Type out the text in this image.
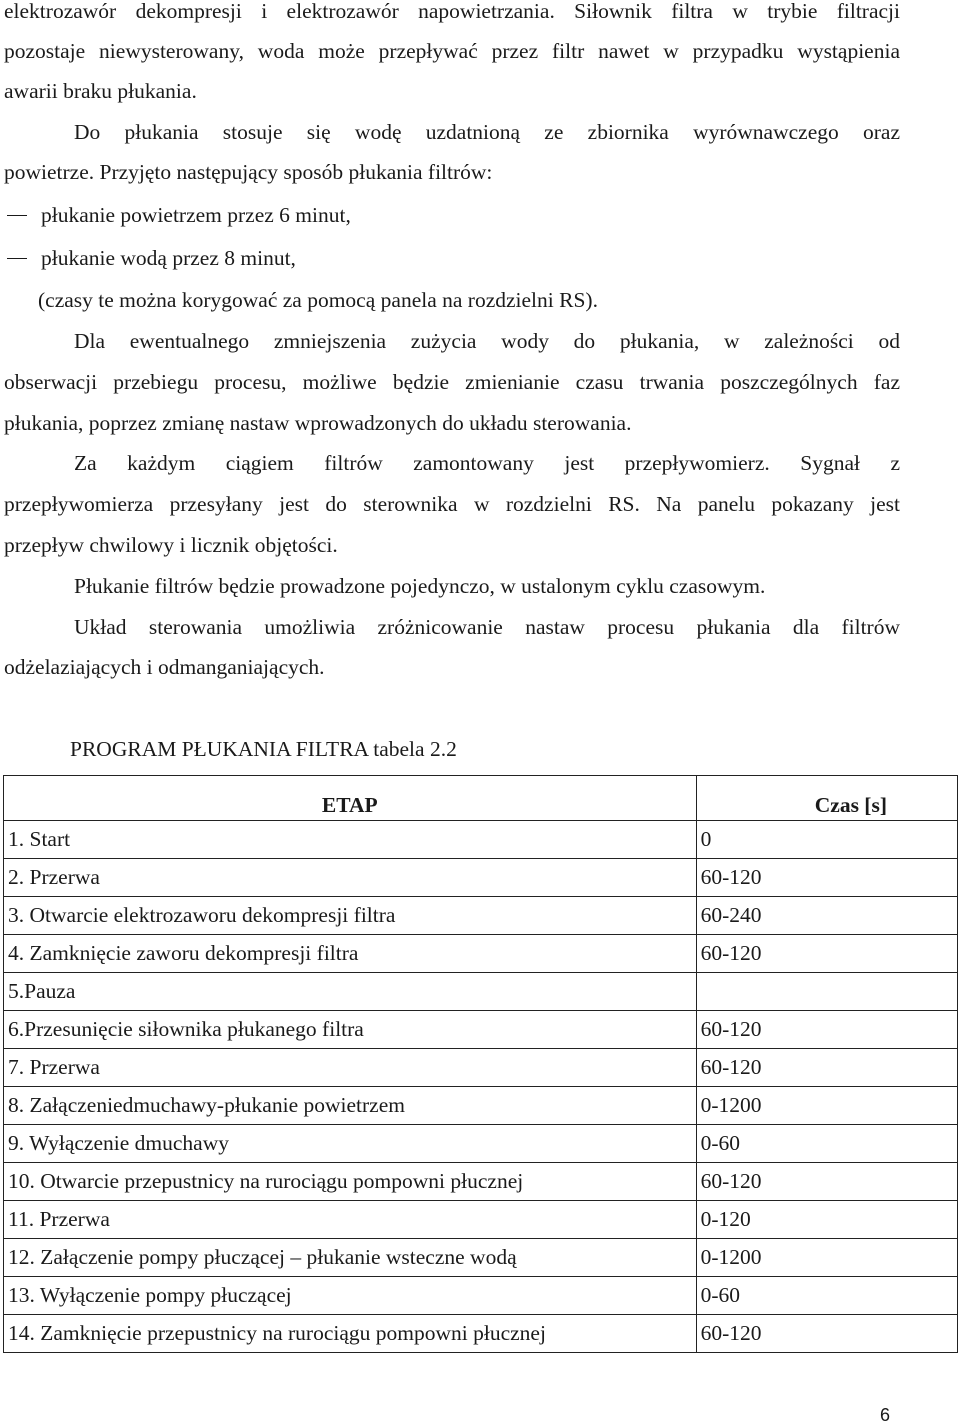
elektrozawór dekompresji i elektrozawór napowietrzania. Siłownik filtra w trybie filtracji
pozostaje niewysterowany, woda może przepływać przez filtr nawet w przypadku wystąpienia
awarii braku płukania.
Do płukania stosuje się wodę uzdatnioną ze zbiornika wyrównawczego oraz
powietrze. Przyjęto następujący sposób płukania filtrów:
płukanie powietrzem przez 6 minut,
płukanie wodą przez 8 minut,
(czasy te można korygować za pomocą panela na rozdzielni RS).
Dla ewentualnego zmniejszenia zużycia wody do płukania, w zależności od
obserwacji przebiegu procesu, możliwe będzie zmienianie czasu trwania poszczególnych faz
płukania, poprzez zmianę nastaw wprowadzonych do układu sterowania.
Za każdym ciągiem filtrów zamontowany jest przepływomierz. Sygnał z
przepływomierza przesyłany jest do sterownika w rozdzielni RS. Na panelu pokazany jest
przepływ chwilowy i licznik objętości.
Płukanie filtrów będzie prowadzone pojedynczo, w ustalonym cyklu czasowym.
Układ sterowania umożliwia zróżnicowanie nastaw procesu płukania dla filtrów
odżelaziających i odmanganiających.
PROGRAM PŁUKANIA FILTRA tabela 2.2
ETAP	Czas [s]
1. Start	0
2. Przerwa	60-120
3. Otwarcie elektrozaworu dekompresji filtra	60-240
4. Zamknięcie zaworu dekompresji filtra	60-120
5.Pauza	
6.Przesunięcie siłownika płukanego filtra	60-120
7. Przerwa	60-120
8. Załączeniedmuchawy-płukanie powietrzem	0-1200
9. Wyłączenie dmuchawy	0-60
10. Otwarcie przepustnicy na rurociągu pompowni płucznej	60-120
11. Przerwa	0-120
12. Załączenie pompy płuczącej – płukanie wsteczne wodą	0-1200
13. Wyłączenie pompy płuczącej	0-60
14. Zamknięcie przepustnicy na rurociągu pompowni płucznej	60-120
6
